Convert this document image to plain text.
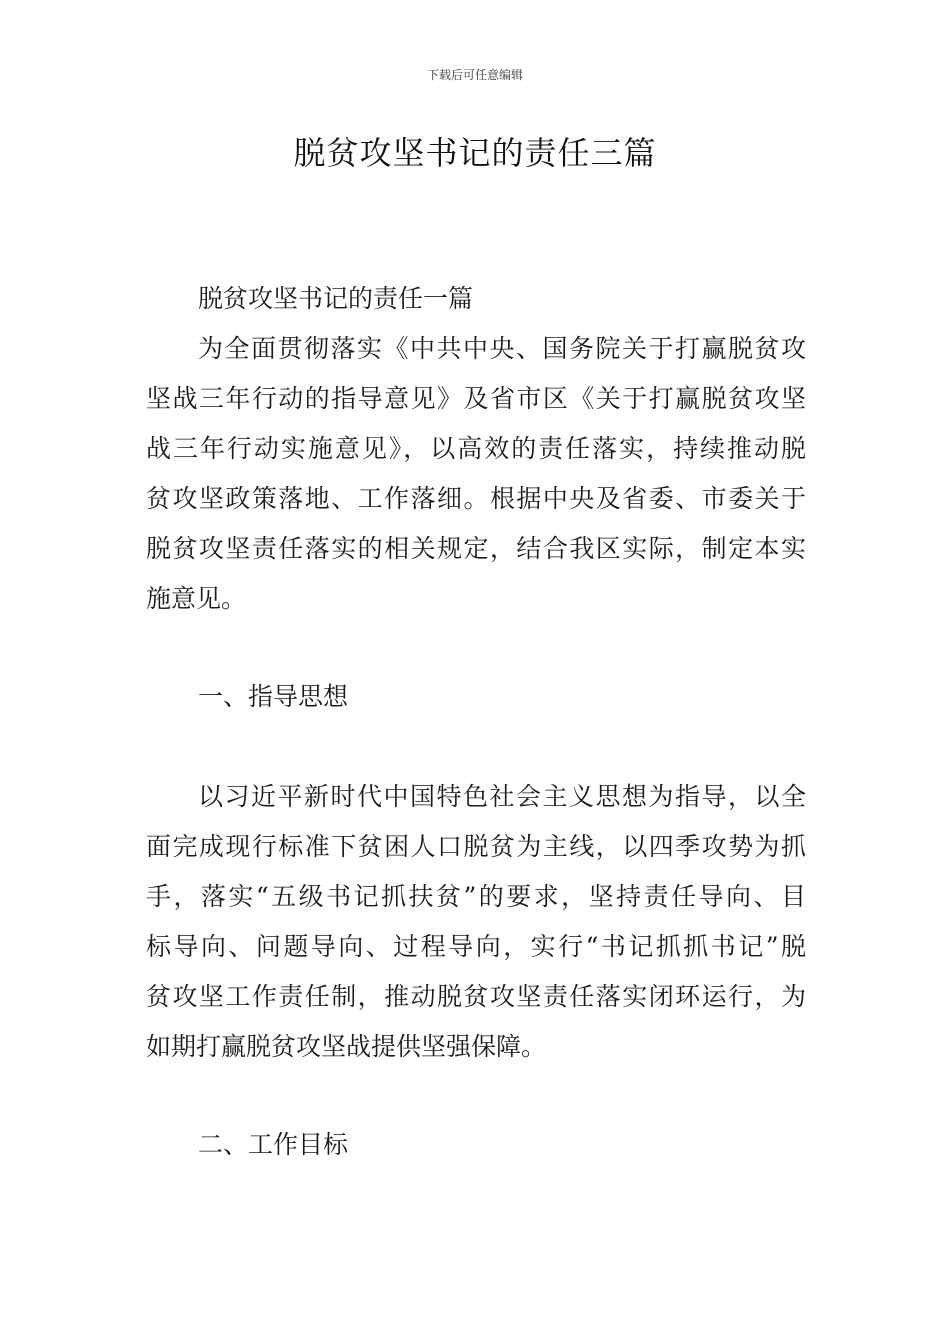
下载后可任意编辑
脱贫攻坚书记的责任三篇
脱贫攻坚书记的责任一篇
为全面贯彻落实《中共中央、国务院关于打赢脱贫攻
坚战三年行动的指导意见》及省市区《关于打赢脱贫攻坚
战三年行动实施意见》，以高效的责任落实，持续推动脱
贫攻坚政策落地、工作落细。根据中央及省委、市委关于
脱贫攻坚责任落实的相关规定，结合我区实际，制定本实
施意见。
一、指导思想
以习近平新时代中国特色社会主义思想为指导，以全
面完成现行标准下贫困人口脱贫为主线，以四季攻势为抓
手，落实“五级书记抓扶贫”的要求，坚持责任导向、目
标导向、问题导向、过程导向，实行“书记抓抓书记”脱
贫攻坚工作责任制，推动脱贫攻坚责任落实闭环运行，为
如期打赢脱贫攻坚战提供坚强保障。
二、工作目标
